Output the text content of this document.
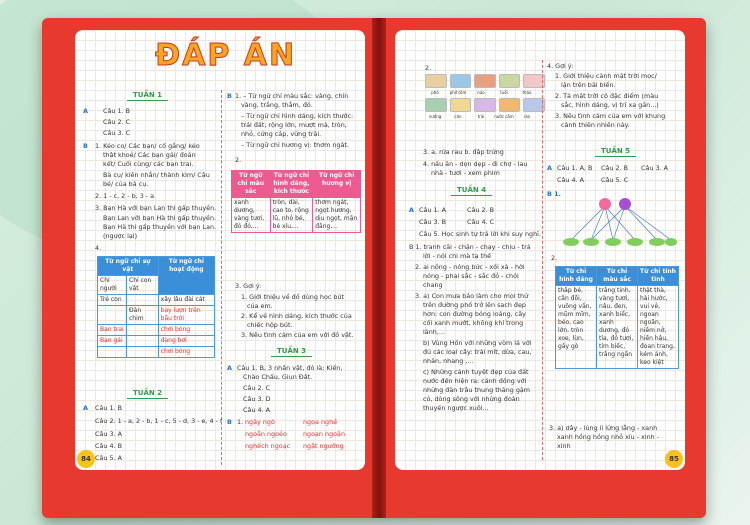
ĐÁP ÁN
TUẦN 1
A Câu 1. B
Câu 2. C
Câu 3. C
B 1. Kéo co/ Các bạn/ cố gắng/ kéo
thật khoẻ/ Các bạn gái/ đoán
kết/ Cuối cùng/ các bạn trai.
Bà cụ/ kiên nhẫn/ thành kim/ Cậu
bé/ của bà cụ.
2. 1 - c, 2 - b, 3 - a
3. Bạn Hà với bạn Lan thi gấp thuyền.
Bạn Lan với bạn Hà thi gấp thuyền.
Bạn Hà thi gấp thuyền với bạn Lan.
(ngược lại)
4.
Từ ngữ chỉ sự vật		Từ ngữ chỉ hoạt động
Chỉ người	Chỉ con vật	
Trẻ con		xây lâu đài cát
	Đàn chim	bay lượn trên bầu trời
Bạn trai		chơi bóng
Bạn gái		đang bơi
		chơi bóng
TUẦN 2
A Câu 1. B
Câu 2. 1 - a, 2 - b, 1 - c, 5 - d, 3 - e, 4 - f
Câu 3. A
Câu 4. B
Câu 5. A
B 1. – Từ ngữ chỉ màu sắc: vàng, chín
vàng, trắng, thắm, đỏ.
– Từ ngữ chỉ hình dáng, kích thước:
trái đất, rộng lớn, mượt mà, tròn,
nhỏ, cứng cáp, vững trãi.
– Từ ngữ chỉ hương vị: thơm ngát.
2.
Từ ngữ chỉ màu sắc	Từ ngữ chỉ hình dáng, kích thước	Từ ngữ chỉ hương vị
xanh dương, vàng tươi, đỏ đỏ,...	tròn, dài, cao to, rộng lũ, nhỏ bé, bé xíu,...	thơm ngát, ngọt hương, dịu ngọt, mặn đắng,...
3. Gợi ý:
1. Giới thiệu về đồ dùng học bút
của em.
2. Kể về hình dáng, kích thước của
chiếc hộp bút.
3. Nêu tình cảm của em với đồ vật.
TUẦN 3
A Câu 1. B, 3 nhân vật, đó là: Kiến,
Chào Chấu, Giun Đất.
Câu 2. C
Câu 3. D
Câu 4. A
B 1. ngày ngò	ngọa nghề
ngoắn ngoẻo	ngoạn ngoặn
nghếch ngoạc ngật ngưỡng
84
2.
phố	phở tôm	nạo	tuổi	tháo
nướng	cân	trái	nước cắm	rán
3. a. rửa rau b. đập trứng
4. nấu ăn - dọn dẹp - đi chợ - lau
nhà - tươi - xem phim
TUẦN 4
A Câu 1. A	Câu 2. B
Câu 3. B	Câu 4. C
Câu 5. Học sinh tự trả lời khi suy nghĩ.
B 1. tranh cãi - chặn - chạy - chịu - trả
lời - nói chi mà tạ thế
2. ai nồng - nóng bức - xối xả - hời
nóng - phai sắc - sắc đỏ - chói
chang
3. a) Con mưa báo làm cho mọi thứ
trên đường phố trở lên sạch đẹp
hơn: con đường bóng loáng, cây
cối xanh mướt, không khí trong
lành,...
b) Vùng Hồn với những vòm lá với
đủ các loại cây: trái mít, dừa, cau,
nhãn, nhang ,...
c) Những cảnh tuyệt đẹp của đất
nước đến hiện ra: cánh đồng với
những đàn trâu thung thăng gặm
cỏ, dòng sông với những đoàn
thuyền ngược xuôi...
4. Gợi ý:
1. Giới thiệu cảnh mặt trời mọc/
lặn trên bãi biển.
2. Tả mặt trời có đặc điểm (màu
sắc, hình dáng, vị trí xa gần...)
3. Nêu tình cảm của em với khung
cảnh thiên nhiên này.
TUẦN 5
A Câu 1. A, B Câu 2. B Câu 3. A
Câu 4. A	Câu 5. C
B 1.
2.
Từ chỉ hình dáng	Từ chỉ màu sắc	Từ chỉ tính tình
thấp bé, cân đối, vuông vắn, mũm mĩm, béo, cao lớn, tròn xoe, lùn, gầy gò	trắng tinh, vàng tươi, nâu, đen, xanh biếc, xanh dương, đỏ tía, đỏ tươi, tím biếc, trắng ngần	thật thà, hài hước, vui vẻ, ngoan ngoãn, niềm nở, hiền hậu, đoan trang, kém ảnh, keo kiệt
3. a) dây - lủng lỉ lửng lẳng - xanh
xanh hồng hồng nhỏ xíu - xinh -
xinh
85
